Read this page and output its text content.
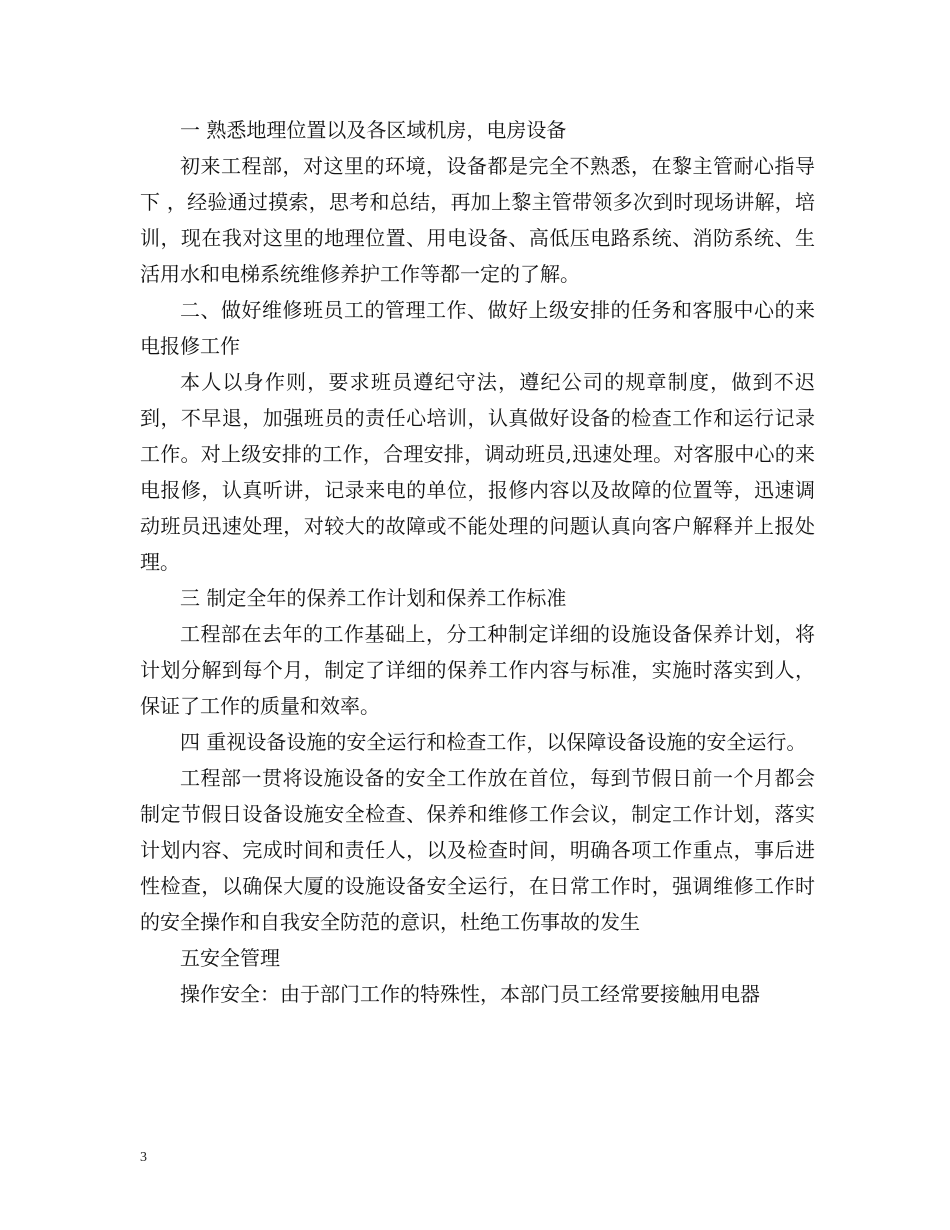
一 熟悉地理位置以及各区域机房，电房设备

初来工程部，对这里的环境，设备都是完全不熟悉，在黎主管耐心指导下 ，经验通过摸索，思考和总结，再加上黎主管带领多次到时现场讲解，培训，现在我对这里的地理位置、用电设备、高低压电路系统、消防系统、生活用水和电梯系统维修养护工作等都一定的了解。

二、做好维修班员工的管理工作、做好上级安排的任务和客服中心的来电报修工作

本人以身作则，要求班员遵纪守法，遵纪公司的规章制度，做到不迟到，不早退，加强班员的责任心培训，认真做好设备的检查工作和运行记录工作。对上级安排的工作，合理安排，调动班员,迅速处理。对客服中心的来电报修，认真听讲，记录来电的单位，报修内容以及故障的位置等，迅速调动班员迅速处理，对较大的故障或不能处理的问题认真向客户解释并上报处理。

三 制定全年的保养工作计划和保养工作标准

工程部在去年的工作基础上，分工种制定详细的设施设备保养计划，将计划分解到每个月，制定了详细的保养工作内容与标准，实施时落实到人，保证了工作的质量和效率。

四 重视设备设施的安全运行和检查工作，以保障设备设施的安全运行。

工程部一贯将设施设备的安全工作放在首位，每到节假日前一个月都会制定节假日设备设施安全检查、保养和维修工作会议，制定工作计划，落实计划内容、完成时间和责任人，以及检查时间，明确各项工作重点，事后进性检查，以确保大厦的设施设备安全运行，在日常工作时，强调维修工作时的安全操作和自我安全防范的意识，杜绝工伤事故的发生

五安全管理

操作安全：由于部门工作的特殊性，本部门员工经常要接触用电器

3
